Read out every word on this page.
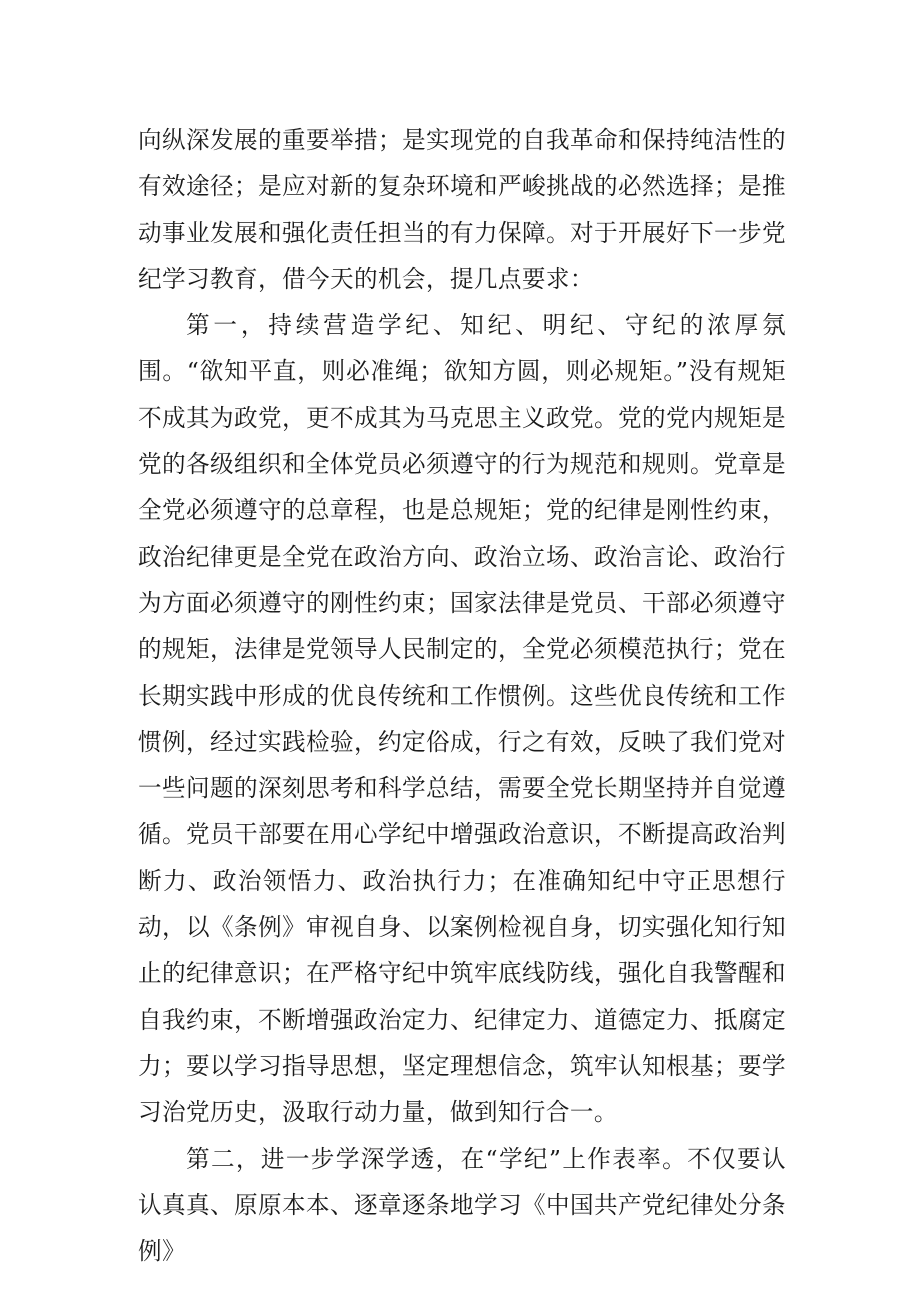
向纵深发展的重要举措；是实现党的自我革命和保持纯洁性的有效途径；是应对新的复杂环境和严峻挑战的必然选择；是推动事业发展和强化责任担当的有力保障。对于开展好下一步党纪学习教育，借今天的机会，提几点要求：

第一，持续营造学纪、知纪、明纪、守纪的浓厚氛围。“欲知平直，则必准绳；欲知方圆，则必规矩。”没有规矩不成其为政党，更不成其为马克思主义政党。党的党内规矩是党的各级组织和全体党员必须遵守的行为规范和规则。党章是全党必须遵守的总章程，也是总规矩；党的纪律是刚性约束，政治纪律更是全党在政治方向、政治立场、政治言论、政治行为方面必须遵守的刚性约束；国家法律是党员、干部必须遵守的规矩，法律是党领导人民制定的，全党必须模范执行；党在长期实践中形成的优良传统和工作惯例。这些优良传统和工作惯例，经过实践检验，约定俗成，行之有效，反映了我们党对一些问题的深刻思考和科学总结，需要全党长期坚持并自觉遵循。党员干部要在用心学纪中增强政治意识，不断提高政治判断力、政治领悟力、政治执行力；在准确知纪中守正思想行动，以《条例》审视自身、以案例检视自身，切实强化知行知止的纪律意识；在严格守纪中筑牢底线防线，强化自我警醒和自我约束，不断增强政治定力、纪律定力、道德定力、抵腐定力；要以学习指导思想，坚定理想信念，筑牢认知根基；要学习治党历史，汲取行动力量，做到知行合一。

第二，进一步学深学透，在“学纪”上作表率。不仅要认认真真、原原本本、逐章逐条地学习《中国共产党纪律处分条例》
